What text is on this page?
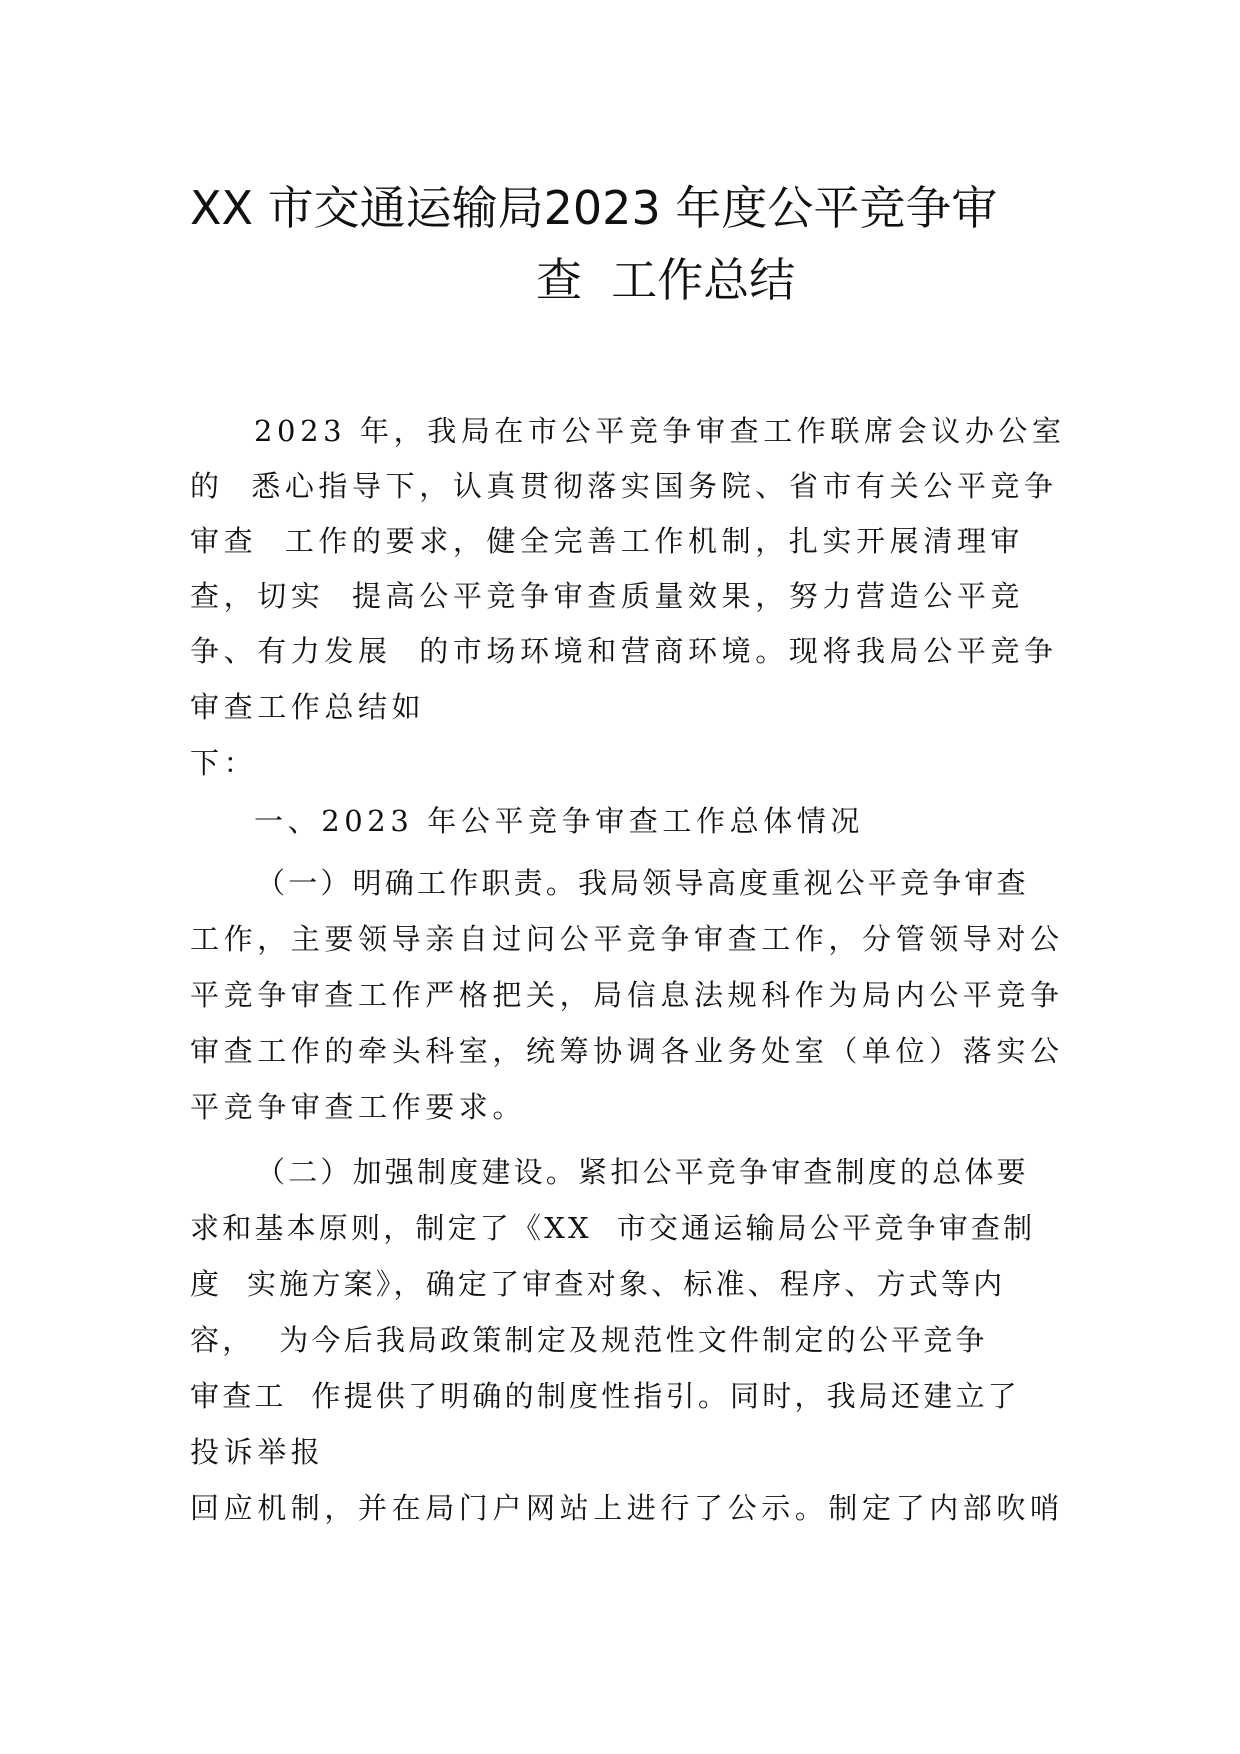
XX 市交通运输局2023 年度公平竞争审
查  工作总结

2023 年，我局在市公平竞争审查工作联席会议办公室

的  悉心指导下，认真贯彻落实国务院、省市有关公平竞争

审查  工作的要求，健全完善工作机制，扎实开展清理审

查，切实  提高公平竞争审查质量效果，努力营造公平竞

争、有力发展  的市场环境和营商环境。现将我局公平竞争

审查工作总结如

下：

一、2023 年公平竞争审查工作总体情况

（一）明确工作职责。我局领导高度重视公平竞争审查

工作，主要领导亲自过问公平竞争审查工作，分管领导对公

平竞争审查工作严格把关，局信息法规科作为局内公平竞争

审查工作的牵头科室，统筹协调各业务处室（单位）落实公

平竞争审查工作要求。

（二）加强制度建设。紧扣公平竞争审查制度的总体要

求和基本原则，制定了《XX  市交通运输局公平竞争审查制

度  实施方案》，确定了审查对象、标准、程序、方式等内

容，  为今后我局政策制定及规范性文件制定的公平竞争

审查工  作提供了明确的制度性指引。同时，我局还建立了

投诉举报

回应机制，并在局门户网站上进行了公示。制定了内部吹哨
